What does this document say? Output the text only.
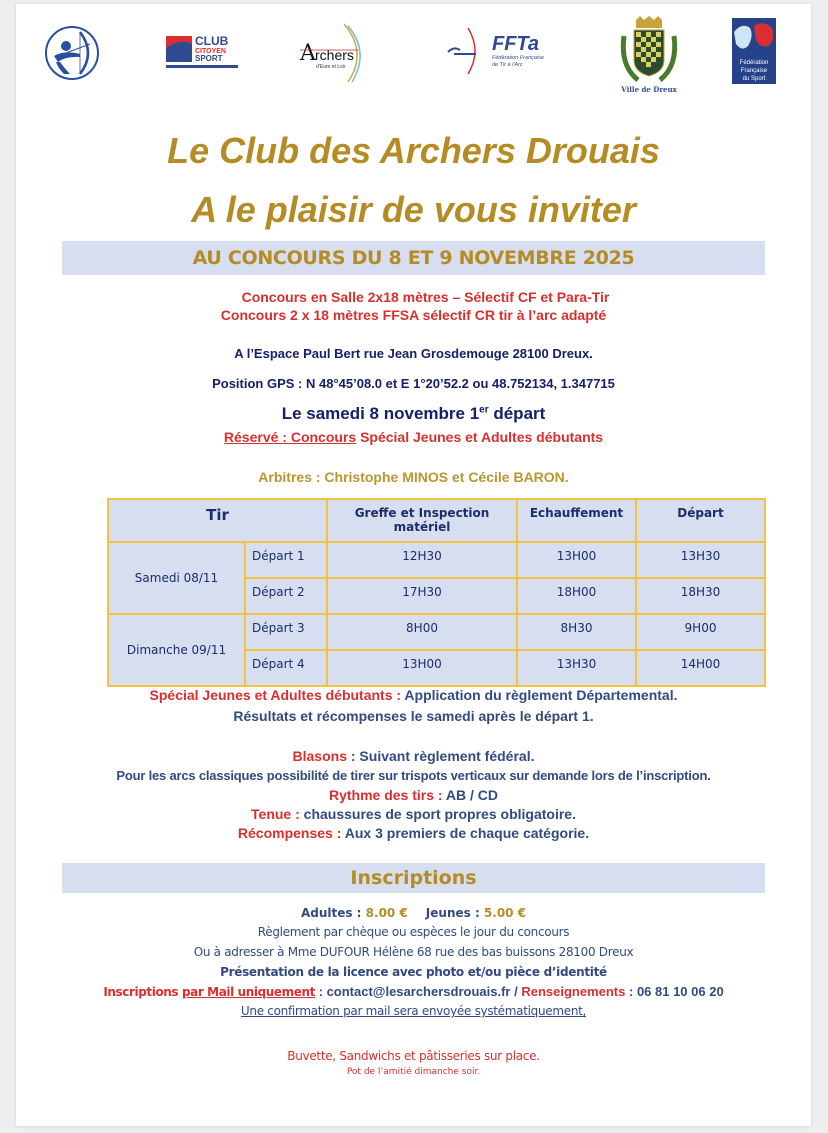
CLUB
CITOYEN
SPORT	A rchers
d'Eure et Loir
FFTa
Fédération Française
de Tir à l'Arc
Ville de Dreux
Fédération
Française
du Sport
Le Club des Archers Drouais
A le plaisir de vous inviter
AU CONCOURS DU 8 ET 9 NOVEMBRE 2025
Concours en Salle 2x18 mètres – Sélectif CF et Para-Tir
Concours 2 x 18 mètres FFSA sélectif CR tir à l’arc adapté
A l’Espace Paul Bert rue Jean Grosdemouge 28100 Dreux.
Position GPS : N 48°45’08.0 et E 1°20’52.2 ou 48.752134, 1.347715
Le samedi 8 novembre 1er départ
Réservé : Concours Spécial Jeunes et Adultes débutants
Arbitres : Christophe MINOS et Cécile BARON.
Tir		Greffe et Inspection matériel	Echauffement	Départ
Samedi 08/11	Départ 1	12H30	13H00	13H30
	Départ 2	17H30	18H00	18H30
Dimanche 09/11	Départ 3	8H00	8H30	9H00
	Départ 4	13H00	13H30	14H00
Spécial Jeunes et Adultes débutants : Application du règlement Départemental.
Résultats et récompenses le samedi après le départ 1.
Blasons : Suivant règlement fédéral.
Pour les arcs classiques possibilité de tirer sur trispots verticaux sur demande lors de l’inscription.
Rythme des tirs : AB / CD
Tenue : chaussures de sport propres obligatoire.
Récompenses : Aux 3 premiers de chaque catégorie.
Inscriptions
Adultes : 8.00 € Jeunes : 5.00 €
Règlement par chèque ou espèces le jour du concours
Ou à adresser à Mme DUFOUR Hélène 68 rue des bas buissons 28100 Dreux
Présentation de la licence avec photo et/ou pièce d’identité
Inscriptions par Mail uniquement : contact@lesarchersdrouais.fr / Renseignements : 06 81 10 06 20
Une confirmation par mail sera envoyée systématiquement,
Buvette, Sandwichs et pâtisseries sur place.
Pot de l’amitié dimanche soir.
